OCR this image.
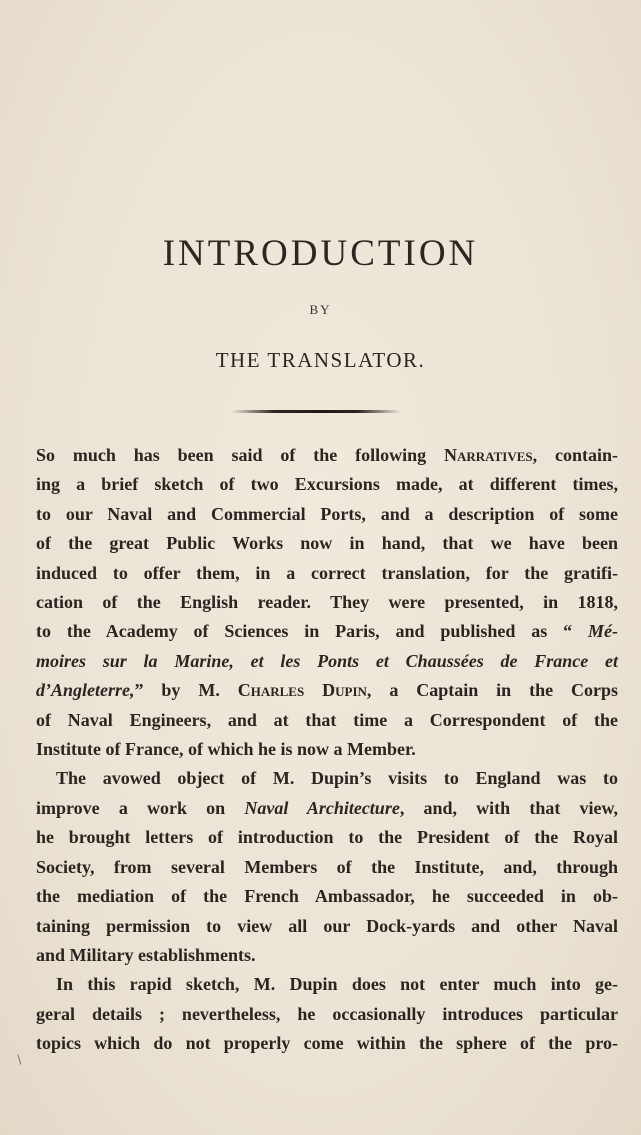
INTRODUCTION
BY
THE TRANSLATOR.

So much has been said of the following Narratives, contain-
ing a brief sketch of two Excursions made, at different times,
to our Naval and Commercial Ports, and a description of some
of the great Public Works now in hand, that we have been
induced to offer them, in a correct translation, for the gratifi-
cation of the English reader. They were presented, in 1818,
to the Academy of Sciences in Paris, and published as “ Mé-
moires sur la Marine, et les Ponts et Chaussées de France et
d’Angleterre,” by M. Charles Dupin, a Captain in the Corps
of Naval Engineers, and at that time a Correspondent of the

Institute of France, of which he is now a Member.

The avowed object of M. Dupin’s visits to England was to
improve a work on Naval Architecture, and, with that view,
he brought letters of introduction to the President of the Royal
Society, from several Members of the Institute, and, through
the mediation of the French Ambassador, he succeeded in ob-
taining permission to view all our Dock-yards and other Naval

and Military establishments.

In this rapid sketch, M. Dupin does not enter much into ge-
geral details ; nevertheless, he occasionally introduces particular
topics which do not properly come within the sphere of the pro-

∖
